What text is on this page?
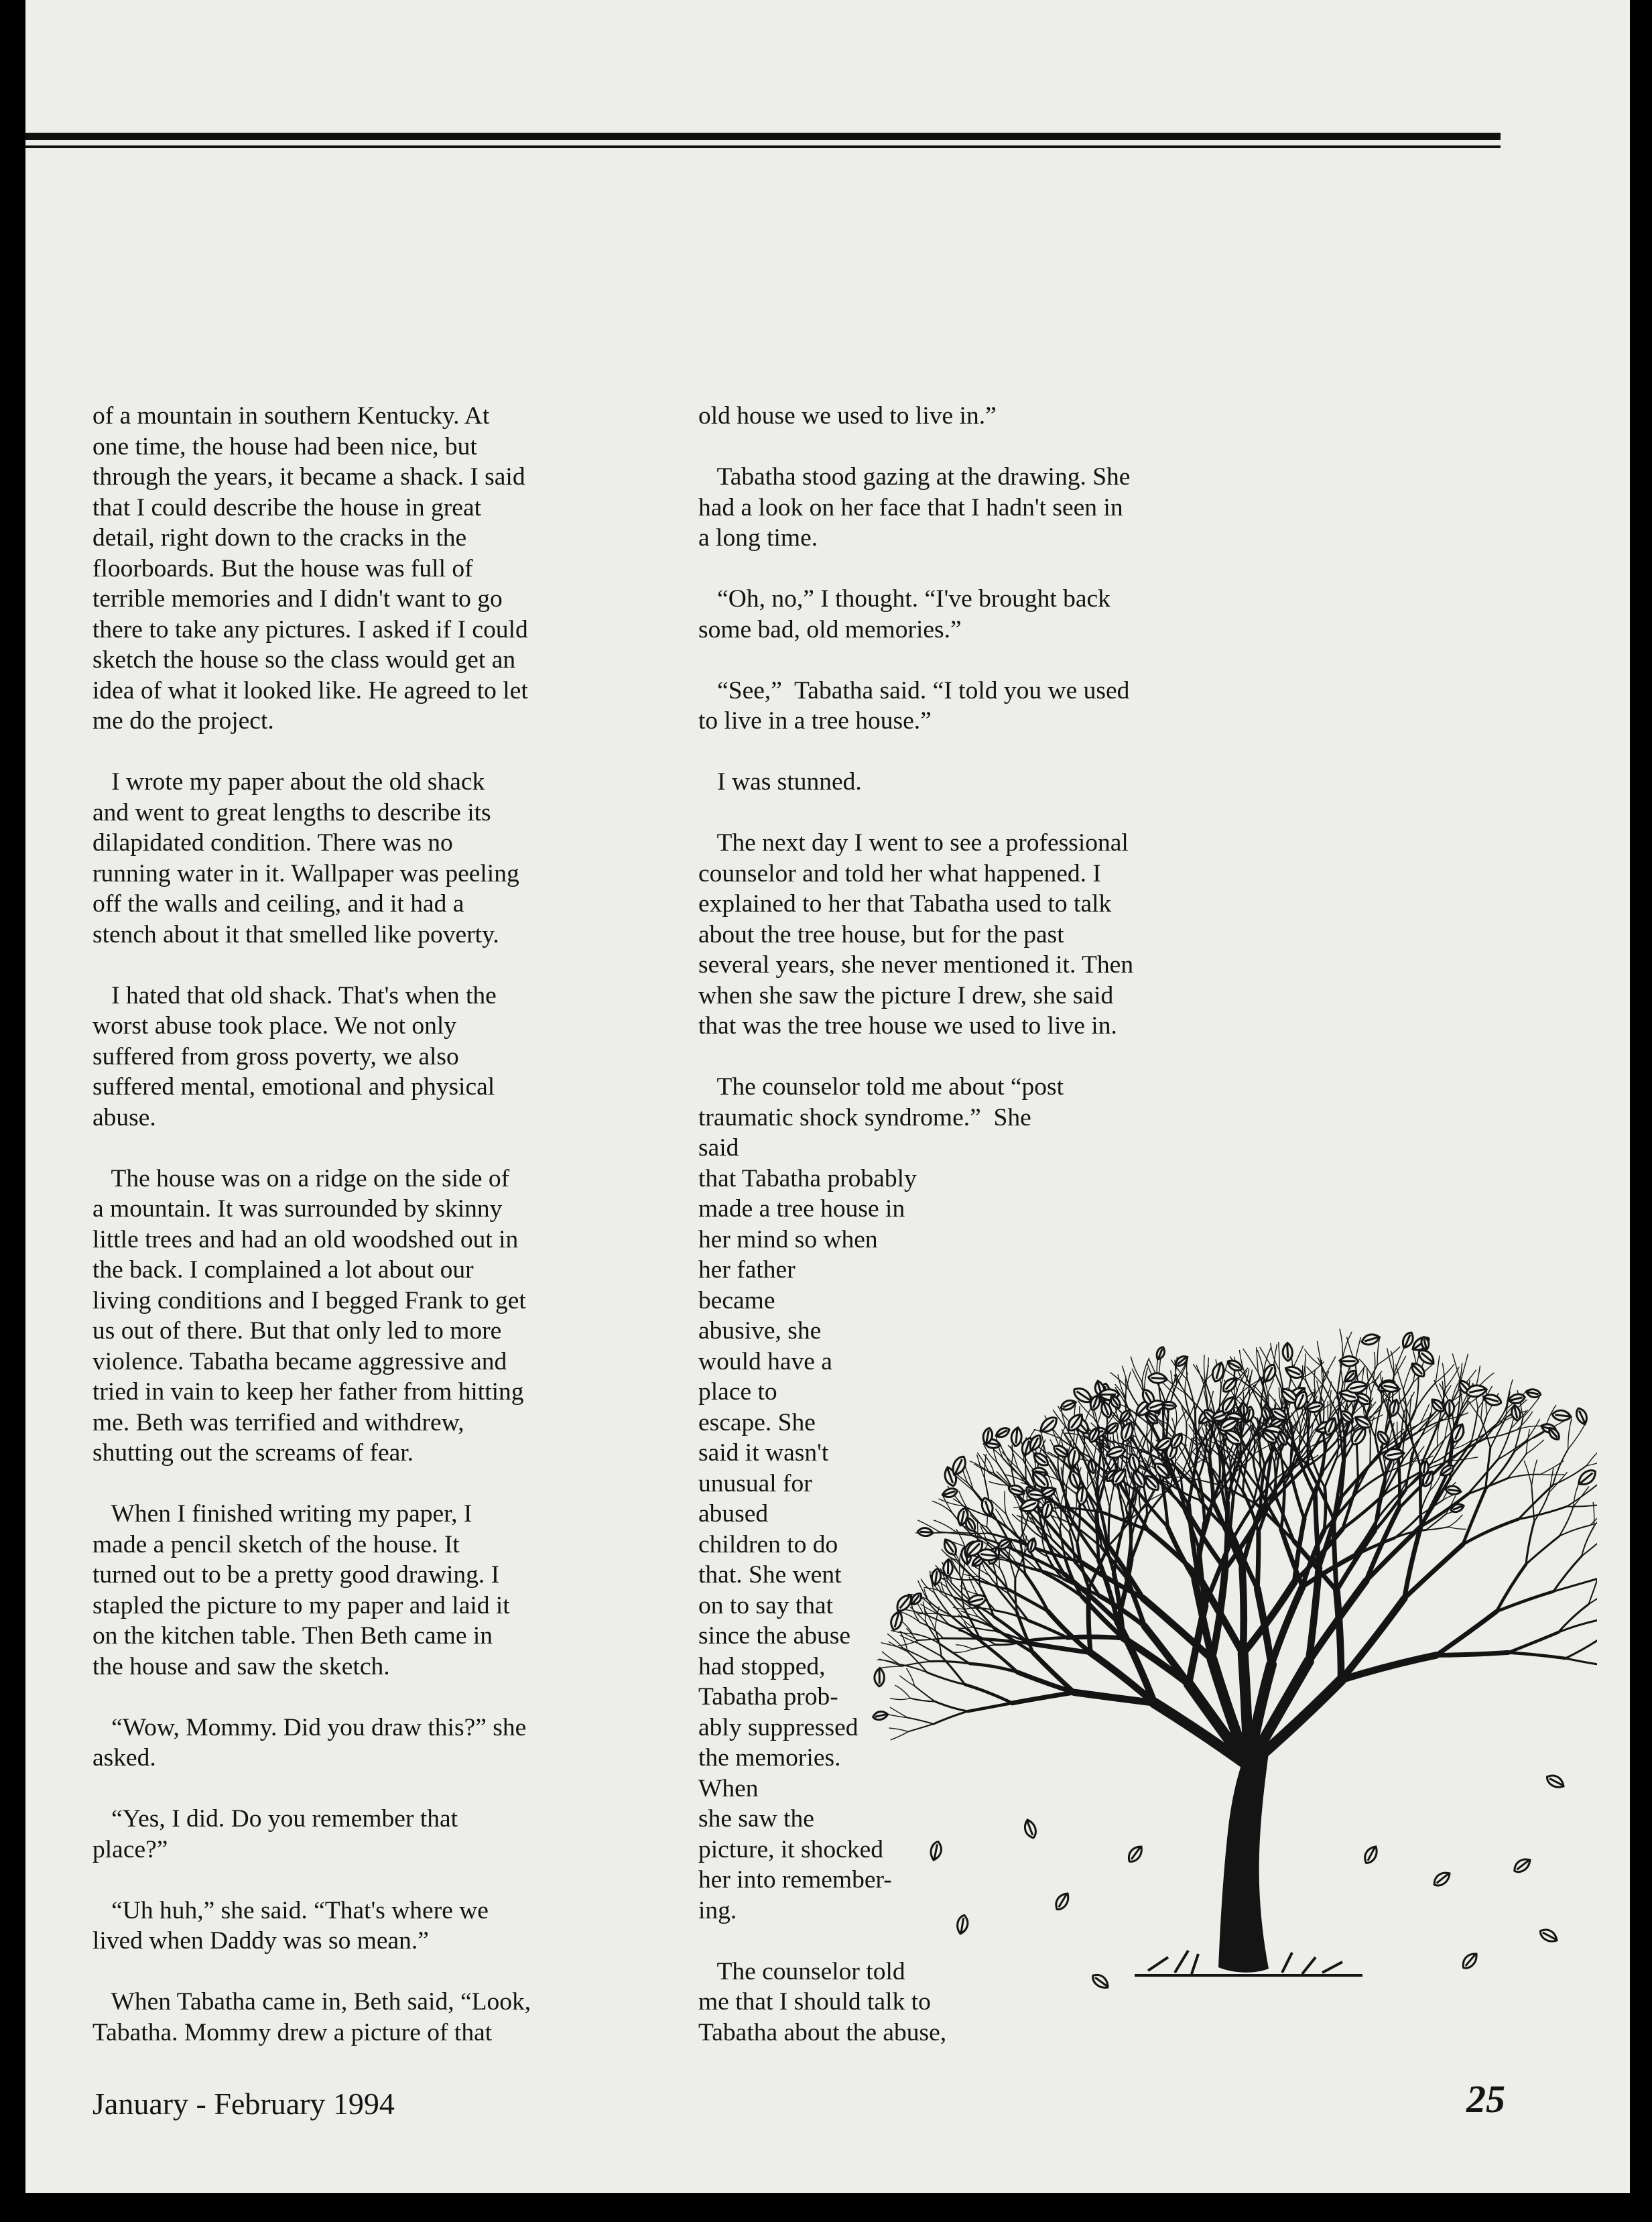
of a mountain in southern Kentucky. At
one time, the house had been nice, but
through the years, it became a shack. I said
that I could describe the house in great
detail, right down to the cracks in the
floorboards. But the house was full of
terrible memories and I didn't want to go
there to take any pictures. I asked if I could
sketch the house so the class would get an
idea of what it looked like. He agreed to let
me do the project.
I wrote my paper about the old shack
and went to great lengths to describe its
dilapidated condition. There was no
running water in it. Wallpaper was peeling
off the walls and ceiling, and it had a
stench about it that smelled like poverty.
I hated that old shack. That's when the
worst abuse took place. We not only
suffered from gross poverty, we also
suffered mental, emotional and physical
abuse.
The house was on a ridge on the side of
a mountain. It was surrounded by skinny
little trees and had an old woodshed out in
the back. I complained a lot about our
living conditions and I begged Frank to get
us out of there. But that only led to more
violence. Tabatha became aggressive and
tried in vain to keep her father from hitting
me. Beth was terrified and withdrew,
shutting out the screams of fear.
When I finished writing my paper, I
made a pencil sketch of the house. It
turned out to be a pretty good drawing. I
stapled the picture to my paper and laid it
on the kitchen table. Then Beth came in
the house and saw the sketch.
“Wow, Mommy. Did you draw this?” she
asked.
“Yes, I did. Do you remember that
place?”
“Uh huh,” she said. “That's where we
lived when Daddy was so mean.”
When Tabatha came in, Beth said, “Look,
Tabatha. Mommy drew a picture of that
old house we used to live in.”
Tabatha stood gazing at the drawing. She
had a look on her face that I hadn't seen in
a long time.
“Oh, no,” I thought. “I've brought back
some bad, old memories.”
“See,”  Tabatha said. “I told you we used
to live in a tree house.”
I was stunned.
The next day I went to see a professional
counselor and told her what happened. I
explained to her that Tabatha used to talk
about the tree house, but for the past
several years, she never mentioned it. Then
when she saw the picture I drew, she said
that was the tree house we used to live in.
The counselor told me about “post
traumatic shock syndrome.”  She
said
that Tabatha probably
made a tree house in
her mind so when
her father
became
abusive, she
would have a
place to
escape. She
said it wasn't
unusual for
abused
children to do
that. She went
on to say that
since the abuse
had stopped,
Tabatha prob-
ably suppressed
the memories.
When
she saw the
picture, it shocked
her into remember-
ing.
The counselor told
me that I should talk to
Tabatha about the abuse,
January - February 1994	25
